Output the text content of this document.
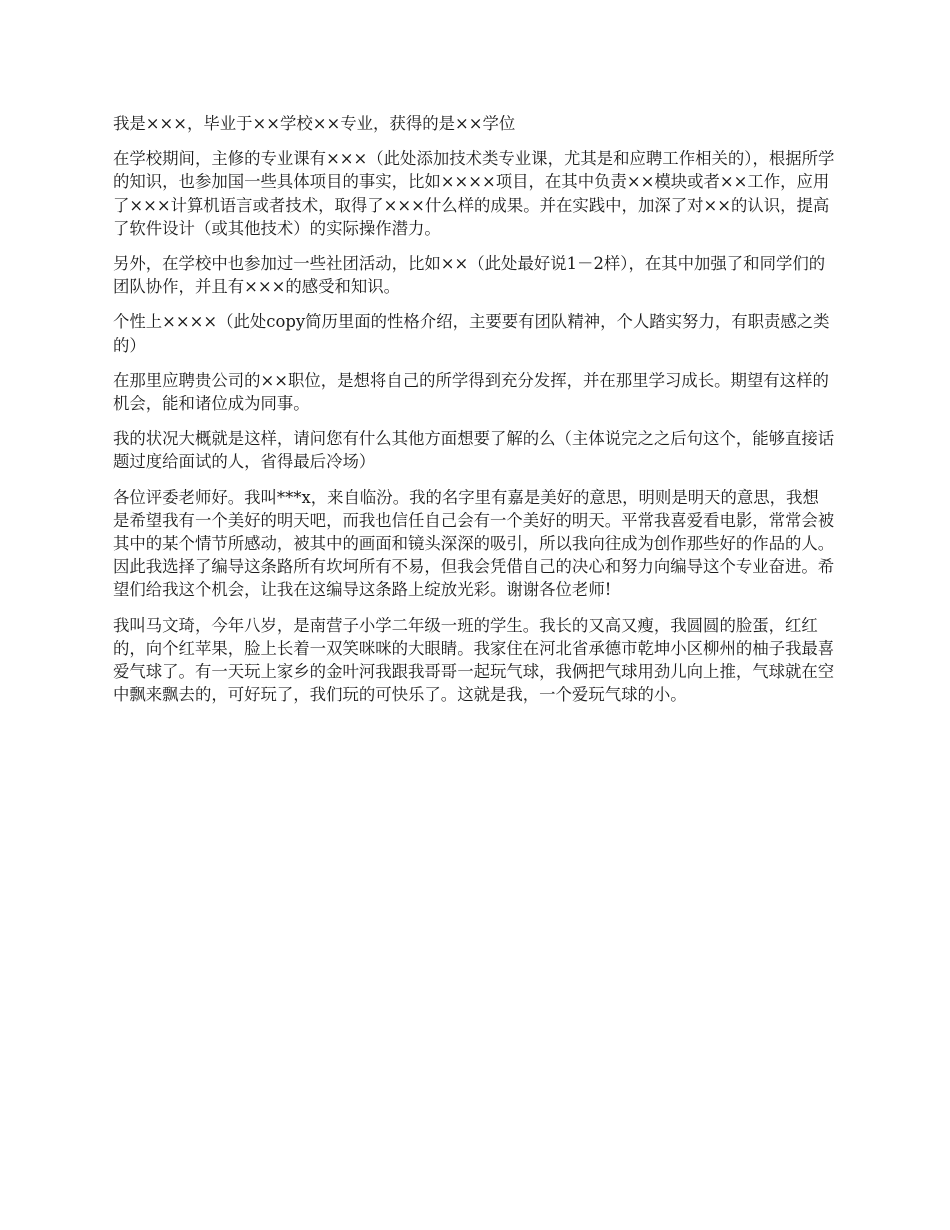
我是×××，毕业于××学校××专业，获得的是××学位

在学校期间，主修的专业课有×××（此处添加技术类专业课，尤其是和应聘工作相关的），根据所学的知识，也参加国一些具体项目的事实，比如××××项目，在其中负责××模块或者××工作，应用了×××计算机语言或者技术，取得了×××什么样的成果。并在实践中，加深了对××的认识，提高了软件设计（或其他技术）的实际操作潜力。

另外，在学校中也参加过一些社团活动，比如××（此处最好说1－2样），在其中加强了和同学们的团队协作，并且有×××的感受和知识。

个性上××××（此处copy简历里面的性格介绍，主要要有团队精神，个人踏实努力，有职责感之类的）

在那里应聘贵公司的××职位，是想将自己的所学得到充分发挥，并在那里学习成长。期望有这样的机会，能和诸位成为同事。

我的状况大概就是这样，请问您有什么其他方面想要了解的么（主体说完之之后句这个，能够直接话题过度给面试的人，省得最后冷场）

各位评委老师好。我叫***x，来自临汾。我的名字里有嘉是美好的意思，明则是明天的意思，我想是希望我有一个美好的明天吧，而我也信任自己会有一个美好的明天。平常我喜爱看电影，常常会被其中的某个情节所感动，被其中的画面和镜头深深的吸引，所以我向往成为创作那些好的作品的人。因此我选择了编导这条路所有坎坷所有不易，但我会凭借自己的决心和努力向编导这个专业奋进。希望们给我这个机会，让我在这编导这条路上绽放光彩。谢谢各位老师!

我叫马文琦，今年八岁，是南营子小学二年级一班的学生。我长的又高又瘦，我圆圆的脸蛋，红红的，向个红苹果，脸上长着一双笑咪咪的大眼睛。我家住在河北省承德市乾坤小区柳州的柚子我最喜爱气球了。有一天玩上家乡的金叶河我跟我哥哥一起玩气球，我俩把气球用劲儿向上推，气球就在空中飘来飘去的，可好玩了，我们玩的可快乐了。这就是我，一个爱玩气球的小。
